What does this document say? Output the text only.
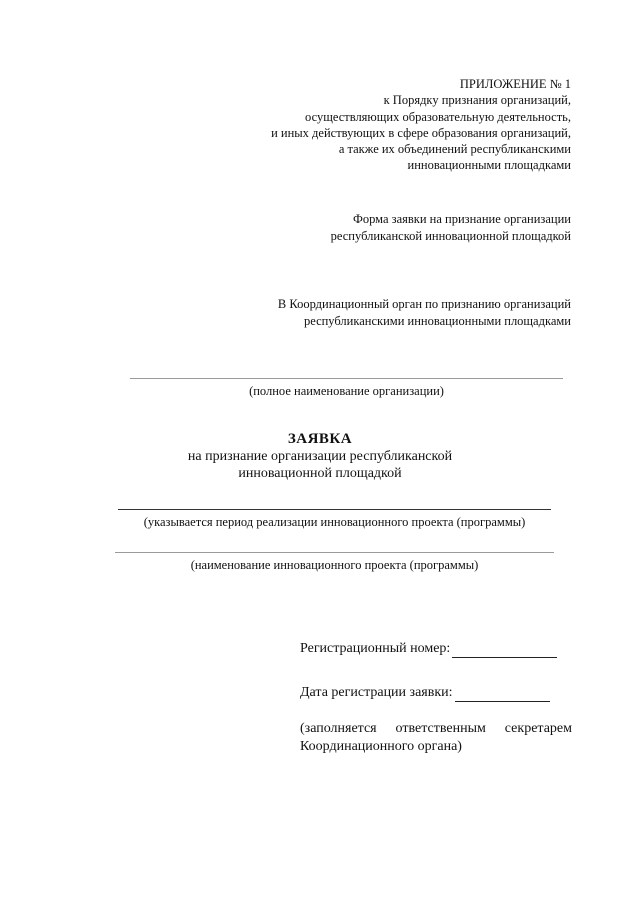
ПРИЛОЖЕНИЕ № 1
к Порядку признания организаций,
осуществляющих образовательную деятельность,
и иных действующих в сфере образования организаций,
а также их объединений республиканскими
инновационными площадками
Форма заявки на признание организации
республиканской инновационной площадкой
В Координационный орган по признанию организаций
республиканскими инновационными площадками
(полное наименование организации)
ЗАЯВКА
на признание организации республиканской
инновационной площадкой
(указывается период реализации инновационного проекта (программы)
(наименование инновационного проекта (программы)
Регистрационный номер:
Дата регистрации заявки:
(заполняется ответственным секретарем Координационного органа)
